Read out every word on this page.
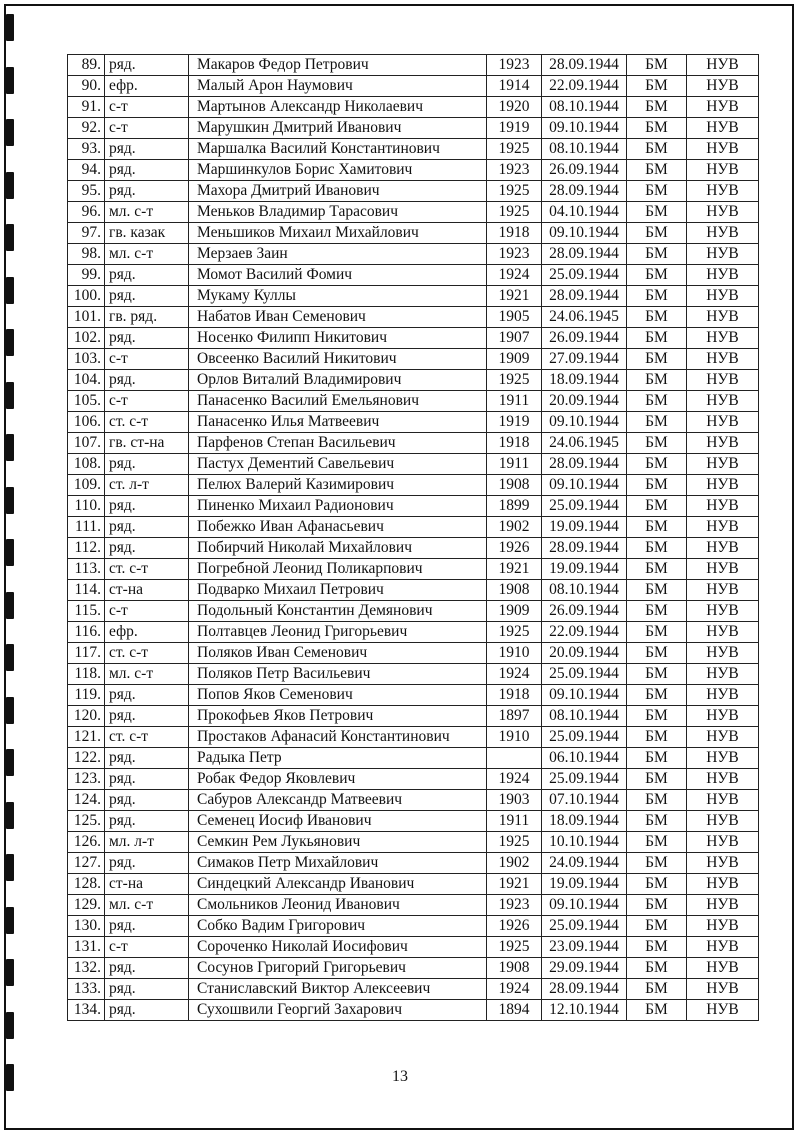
89.	ряд.	Макаров Федор Петрович	1923	28.09.1944	БМ	НУВ
90.	ефр.	Малый Арон Наумович	1914	22.09.1944	БМ	НУВ
91.	с-т	Мартынов Александр Николаевич	1920	08.10.1944	БМ	НУВ
92.	с-т	Марушкин Дмитрий Иванович	1919	09.10.1944	БМ	НУВ
93.	ряд.	Маршалка Василий Константинович	1925	08.10.1944	БМ	НУВ
94.	ряд.	Маршинкулов Борис Хамитович	1923	26.09.1944	БМ	НУВ
95.	ряд.	Махора Дмитрий Иванович	1925	28.09.1944	БМ	НУВ
96.	мл. с-т	Меньков Владимир Тарасович	1925	04.10.1944	БМ	НУВ
97.	гв. казак	Меньшиков Михаил Михайлович	1918	09.10.1944	БМ	НУВ
98.	мл. с-т	Мерзаев Заин	1923	28.09.1944	БМ	НУВ
99.	ряд.	Момот Василий Фомич	1924	25.09.1944	БМ	НУВ
100.	ряд.	Мукаму Куллы	1921	28.09.1944	БМ	НУВ
101.	гв. ряд.	Набатов Иван Семенович	1905	24.06.1945	БМ	НУВ
102.	ряд.	Носенко Филипп Никитович	1907	26.09.1944	БМ	НУВ
103.	с-т	Овсеенко Василий Никитович	1909	27.09.1944	БМ	НУВ
104.	ряд.	Орлов Виталий Владимирович	1925	18.09.1944	БМ	НУВ
105.	с-т	Панасенко Василий Емельянович	1911	20.09.1944	БМ	НУВ
106.	ст. с-т	Панасенко Илья Матвеевич	1919	09.10.1944	БМ	НУВ
107.	гв. ст-на	Парфенов Степан Васильевич	1918	24.06.1945	БМ	НУВ
108.	ряд.	Пастух Дементий Савельевич	1911	28.09.1944	БМ	НУВ
109.	ст. л-т	Пелюх Валерий Казимирович	1908	09.10.1944	БМ	НУВ
110.	ряд.	Пиненко Михаил Радионович	1899	25.09.1944	БМ	НУВ
111.	ряд.	Побежко Иван Афанасьевич	1902	19.09.1944	БМ	НУВ
112.	ряд.	Побирчий Николай Михайлович	1926	28.09.1944	БМ	НУВ
113.	ст. с-т	Погребной Леонид Поликарпович	1921	19.09.1944	БМ	НУВ
114.	ст-на	Подварко Михаил Петрович	1908	08.10.1944	БМ	НУВ
115.	с-т	Подольный Константин Демянович	1909	26.09.1944	БМ	НУВ
116.	ефр.	Полтавцев Леонид Григорьевич	1925	22.09.1944	БМ	НУВ
117.	ст. с-т	Поляков Иван Семенович	1910	20.09.1944	БМ	НУВ
118.	мл. с-т	Поляков Петр Васильевич	1924	25.09.1944	БМ	НУВ
119.	ряд.	Попов Яков Семенович	1918	09.10.1944	БМ	НУВ
120.	ряд.	Прокофьев Яков Петрович	1897	08.10.1944	БМ	НУВ
121.	ст. с-т	Простаков Афанасий Константинович	1910	25.09.1944	БМ	НУВ
122.	ряд.	Радыка Петр		06.10.1944	БМ	НУВ
123.	ряд.	Робак Федор Яковлевич	1924	25.09.1944	БМ	НУВ
124.	ряд.	Сабуров Александр Матвеевич	1903	07.10.1944	БМ	НУВ
125.	ряд.	Семенец Иосиф Иванович	1911	18.09.1944	БМ	НУВ
126.	мл. л-т	Семкин Рем Лукьянович	1925	10.10.1944	БМ	НУВ
127.	ряд.	Симаков Петр Михайлович	1902	24.09.1944	БМ	НУВ
128.	ст-на	Синдецкий Александр Иванович	1921	19.09.1944	БМ	НУВ
129.	мл. с-т	Смольников Леонид Иванович	1923	09.10.1944	БМ	НУВ
130.	ряд.	Собко Вадим Григорович	1926	25.09.1944	БМ	НУВ
131.	с-т	Сороченко Николай Иосифович	1925	23.09.1944	БМ	НУВ
132.	ряд.	Сосунов Григорий Григорьевич	1908	29.09.1944	БМ	НУВ
133.	ряд.	Станиславский Виктор Алексеевич	1924	28.09.1944	БМ	НУВ
134.	ряд.	Сухошвили Георгий Захарович	1894	12.10.1944	БМ	НУВ
13
